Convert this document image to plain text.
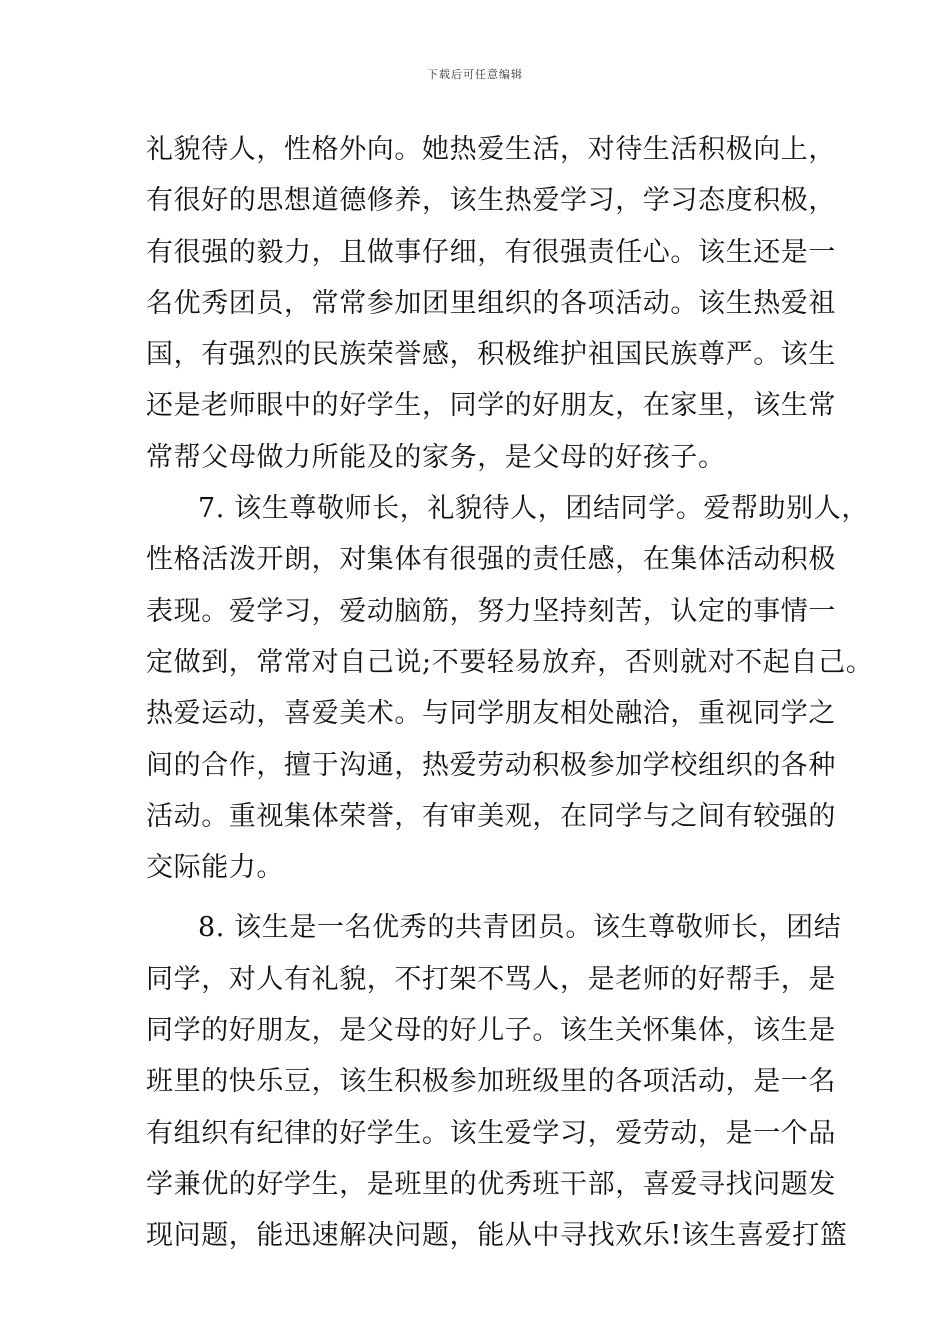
下载后可任意编辑
礼貌待人，性格外向。她热爱生活，对待生活积极向上，
有很好的思想道德修养，该生热爱学习，学习态度积极，
有很强的毅力，且做事仔细，有很强责任心。该生还是一
名优秀团员，常常参加团里组织的各项活动。该生热爱祖
国，有强烈的民族荣誉感，积极维护祖国民族尊严。该生
还是老师眼中的好学生，同学的好朋友，在家里，该生常
常帮父母做力所能及的家务，是父母的好孩子。
7. 该生尊敬师长，礼貌待人，团结同学。爱帮助别人，
性格活泼开朗，对集体有很强的责任感，在集体活动积极
表现。爱学习，爱动脑筋，努力坚持刻苦，认定的事情一
定做到，常常对自己说;不要轻易放弃，否则就对不起自己。
热爱运动，喜爱美术。与同学朋友相处融洽，重视同学之
间的合作，擅于沟通，热爱劳动积极参加学校组织的各种
活动。重视集体荣誉，有审美观，在同学与之间有较强的
交际能力。
8. 该生是一名优秀的共青团员。该生尊敬师长，团结
同学，对人有礼貌，不打架不骂人，是老师的好帮手，是
同学的好朋友，是父母的好儿子。该生关怀集体，该生是
班里的快乐豆，该生积极参加班级里的各项活动，是一名
有组织有纪律的好学生。该生爱学习，爱劳动，是一个品
学兼优的好学生，是班里的优秀班干部，喜爱寻找问题发
现问题，能迅速解决问题，能从中寻找欢乐!该生喜爱打篮
